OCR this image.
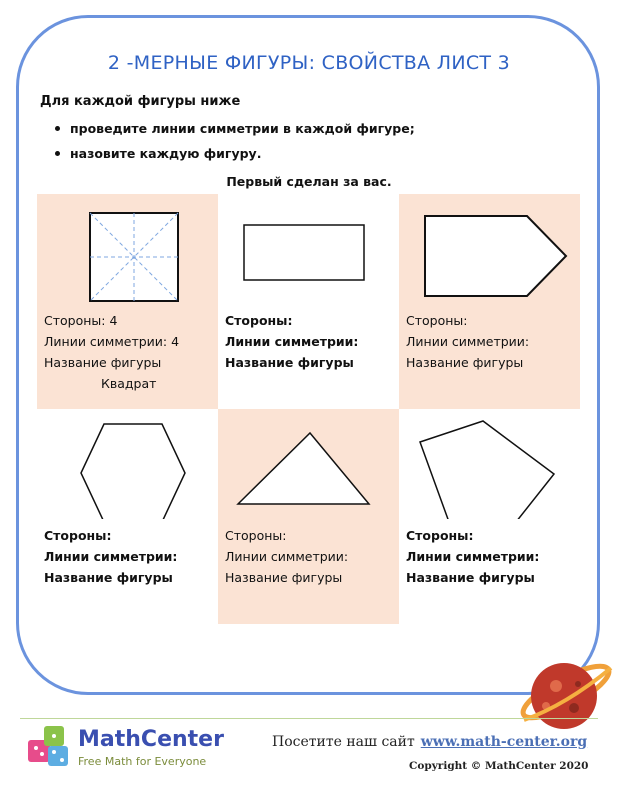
2 -МЕРНЫЕ ФИГУРЫ: СВОЙСТВА ЛИСТ 3
Для каждой фигуры ниже
проведите линии симметрии в каждой фигуре;
назовите каждую фигуру.
Первый сделан за вас.
Стороны: 4
Линии симметрии: 4
Название фигуры
Квадрат
Стороны:
Линии симметрии:
Название фигуры
Стороны:
Линии симметрии:
Название фигуры
Стороны:
Линии симметрии:
Название фигуры
Стороны:
Линии симметрии:
Название фигуры
Стороны:
Линии симметрии:
Название фигуры
MathCenter
Free Math for Everyone
Посетите наш сайт www.math-center.org
Copyright © MathCenter 2020
